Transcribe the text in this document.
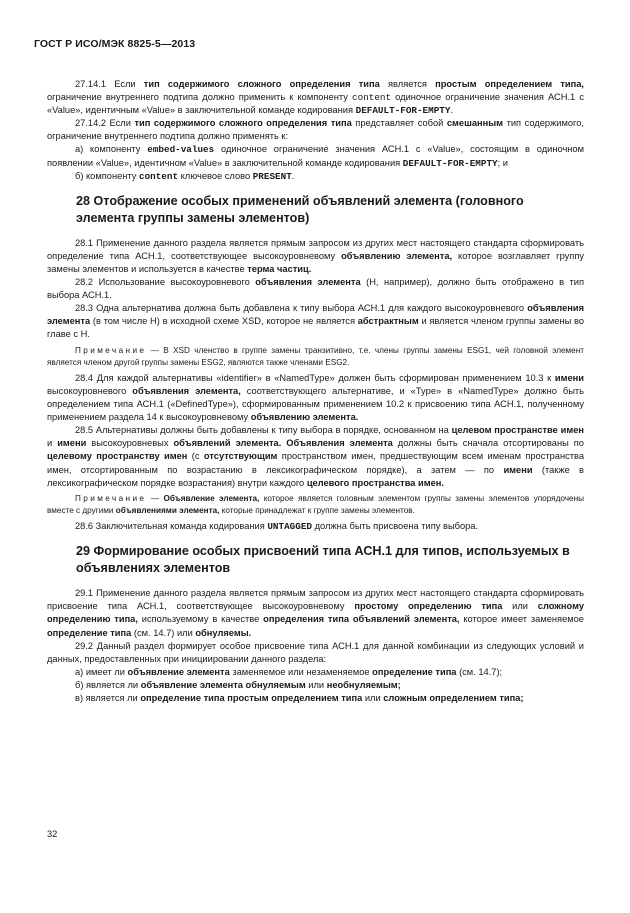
ГОСТ Р ИСО/МЭК 8825-5—2013

27.14.1 Если тип содержимого сложного определения типа является простым определением типа, ограничение внутреннего подтипа должно применить к компоненту content одиночное ограничение значения АСН.1 с «Value», идентичным «Value» в заключительной команде кодирования DEFAULT-FOR-EMPTY.

27.14.2 Если тип содержимого сложного определения типа представляет собой смешанным тип содержимого, ограничение внутреннего подтипа должно применять к:

а) компоненту embed-values одиночное ограничение значения АСН.1 с «Value», состоящим в одиночном появлении «Value», идентичном «Value» в заключительной команде кодирования DEFAULT-FOR-EMPTY; и

б) компоненту content ключевое слово PRESENT.

28 Отображение особых применений объявлений элемента (головного элемента группы замены элементов)

28.1 Применение данного раздела является прямым запросом из других мест настоящего стандарта сформировать определение типа АСН.1, соответствующее высокоуровневому объявлению элемента, которое возглавляет группу замены элементов и используется в качестве терма частиц.

28.2 Использование высокоуровневого объявления элемента (Н, например), должно быть отображено в тип выбора АСН.1.

28.3 Одна альтернатива должна быть добавлена к типу выбора АСН.1 для каждого высокоуровневого объявления элемента (в том числе Н) в исходной схеме XSD, которое не является абстрактным и является членом группы замены во главе с Н.

Примечание — В XSD членство в группе замены транзитивно, т.е. члены группы замены ESG1, чей головной элемент является членом другой группы замены ESG2, являются также членами ESG2.

28.4 Для каждой альтернативы «identifier» в «NamedType» должен быть сформирован применением 10.3 к имени высокоуровневого объявления элемента, соответствующего альтернативе, и «Type» в «NamedType» должно быть определением типа АСН.1 («DefinedType»), сформированным применением 10.2 к присвоению типа АСН.1, полученному применением раздела 14 к высокоуровневому объявлению элемента.

28.5 Альтернативы должны быть добавлены к типу выбора в порядке, основанном на целевом пространстве имен и имени высокоуровневых объявлений элемента. Объявления элемента должны быть сначала отсортированы по целевому пространству имен (с отсутствующим пространством имен, предшествующим всем именам пространства имен, отсортированным по возрастанию в лексикографическом порядке), а затем — по имени (также в лексикографическом порядке возрастания) внутри каждого целевого пространства имен.

Примечание — Объявление элемента, которое является головным элементом группы замены элементов упорядочены вместе с другими объявлениями элемента, которые принадлежат к группе замены элементов.

28.6 Заключительная команда кодирования UNTAGGED должна быть присвоена типу выбора.

29 Формирование особых присвоений типа АСН.1 для типов, используемых в объявлениях элементов

29.1 Применение данного раздела является прямым запросом из других мест настоящего стандарта сформировать присвоение типа АСН.1, соответствующее высокоуровневому простому определению типа или сложному определению типа, используемому в качестве определения типа объявлений элемента, которое имеет заменяемое определение типа (см. 14.7) или обнуляемы.

29.2 Данный раздел формирует особое присвоение типа АСН.1 для данной комбинации из следующих условий и данных, предоставленных при инициировании данного раздела:

а) имеет ли объявление элемента заменяемое или незаменяемое определение типа (см. 14.7);

б) является ли объявление элемента обнуляемым или необнуляемым;

в) является ли определение типа простым определением типа или сложным определением типа;

32
